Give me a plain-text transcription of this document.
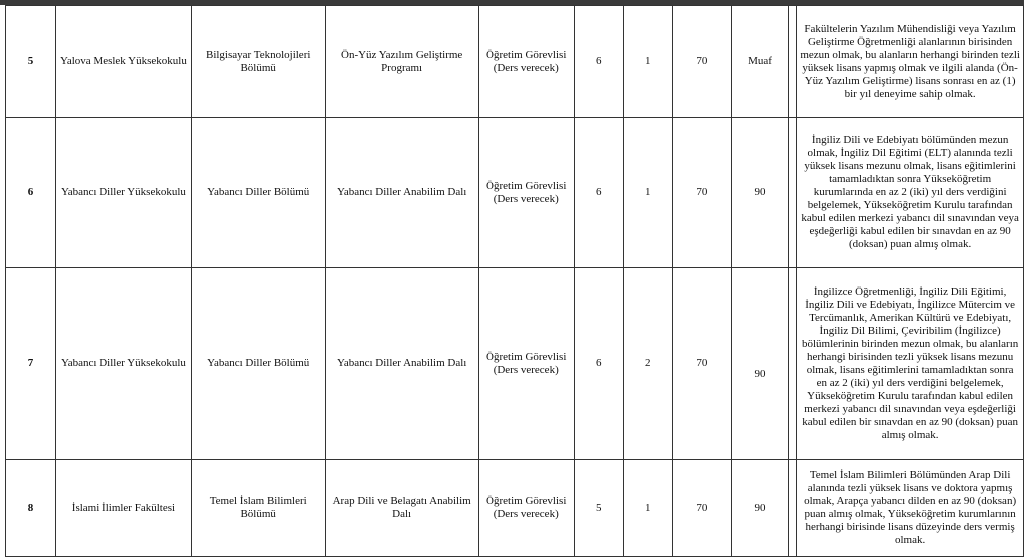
5	Yalova Meslek Yüksekokulu	Bilgisayar Teknolojileri Bölümü	Ön-Yüz Yazılım Geliştirme Programı	Öğretim Görevlisi (Ders verecek)	6	1	70	Muaf		Fakültelerin Yazılım Mühendisliği veya Yazılım Geliştirme Öğretmenliği alanlarının birisinden mezun olmak, bu alanların herhangi birinden tezli yüksek lisans yapmış olmak ve ilgili alanda (Ön-Yüz Yazılım Geliştirme) lisans sonrası en az (1) bir yıl deneyime sahip olmak.
6	Yabancı Diller Yüksekokulu	Yabancı Diller Bölümü	Yabancı Diller Anabilim Dalı	Öğretim Görevlisi (Ders verecek)	6	1	70	90		İngiliz Dili ve Edebiyatı bölümünden mezun olmak, İngiliz Dil Eğitimi (ELT) alanında tezli yüksek lisans mezunu olmak, lisans eğitimlerini tamamladıktan sonra Yükseköğretim kurumlarında en az 2 (iki) yıl ders verdiğini belgelemek, Yükseköğretim Kurulu tarafından kabul edilen merkezi yabancı dil sınavından veya eşdeğerliği kabul edilen bir sınavdan en az 90 (doksan) puan almış olmak.
7	Yabancı Diller Yüksekokulu	Yabancı Diller Bölümü	Yabancı Diller Anabilim Dalı	Öğretim Görevlisi (Ders verecek)	6	2	70	90		İngilizce Öğretmenliği, İngiliz Dili Eğitimi, İngiliz Dili ve Edebiyatı, İngilizce Mütercim ve Tercümanlık, Amerikan Kültürü ve Edebiyatı, İngiliz Dil Bilimi, Çeviribilim (İngilizce) bölümlerinin birinden mezun olmak, bu alanların herhangi birisinden tezli yüksek lisans mezunu olmak, lisans eğitimlerini tamamladıktan sonra en az 2 (iki) yıl ders verdiğini belgelemek, Yükseköğretim Kurulu tarafından kabul edilen merkezi yabancı dil sınavından veya eşdeğerliği kabul edilen bir sınavdan en az 90 (doksan) puan almış olmak.
8	İslami İlimler Fakültesi	Temel İslam Bilimleri Bölümü	Arap Dili ve Belagatı Anabilim Dalı	Öğretim Görevlisi (Ders verecek)	5	1	70	90		Temel İslam Bilimleri Bölümünden Arap Dili alanında tezli yüksek lisans ve doktora yapmış olmak, Arapça yabancı dilden en az 90 (doksan) puan almış olmak, Yükseköğretim kurumlarının herhangi birisinde lisans düzeyinde ders vermiş olmak.
